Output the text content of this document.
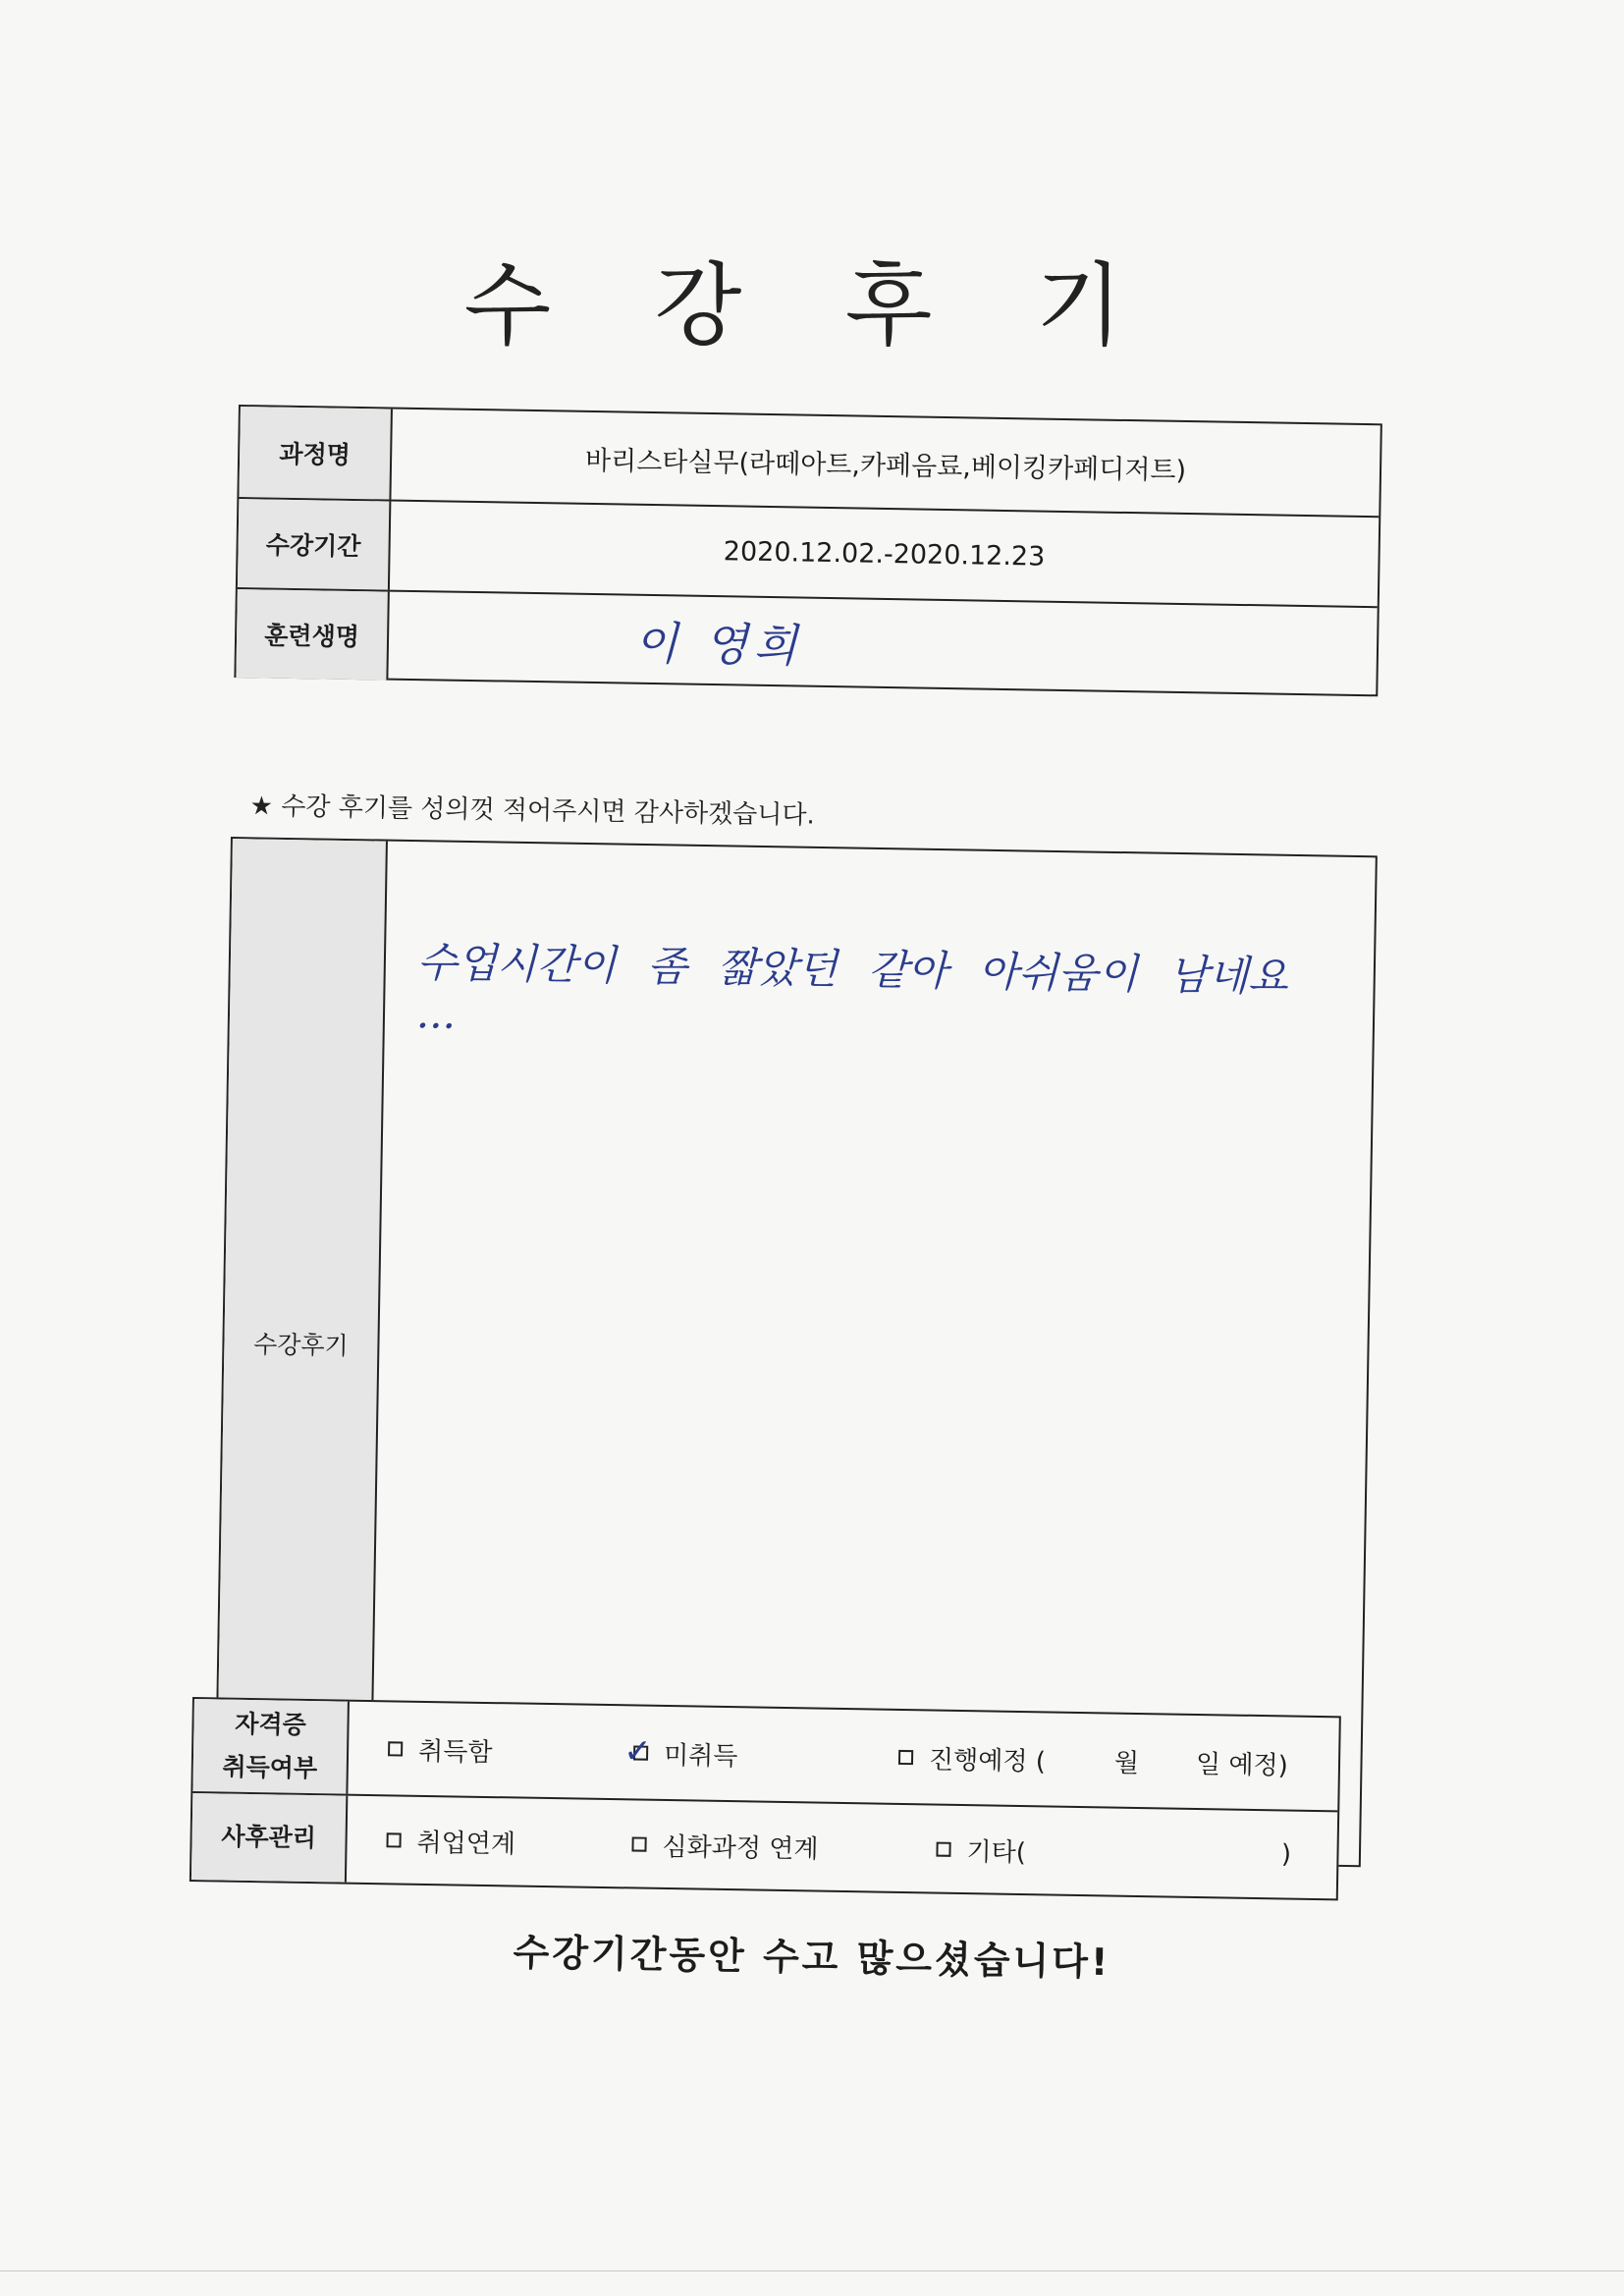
수 강 후 기
과정명	바리스타실무(라떼아트,카페음료,베이킹카페디저트)
수강기간	2020.12.02.-2020.12.23
훈련생명	이 영희
★ 수강 후기를 성의껏 적어주시면 감사하겠습니다.
수강후기
수업시간이 좀 짧았던 같아 아쉬움이 남네요 ...
자격증
취득여부
취득함	✓ 미취득	진행예정 (	월 일 예정)
사후관리	취업연계	심화과정 연계	기타(	)
수강기간동안 수고 많으셨습니다!
